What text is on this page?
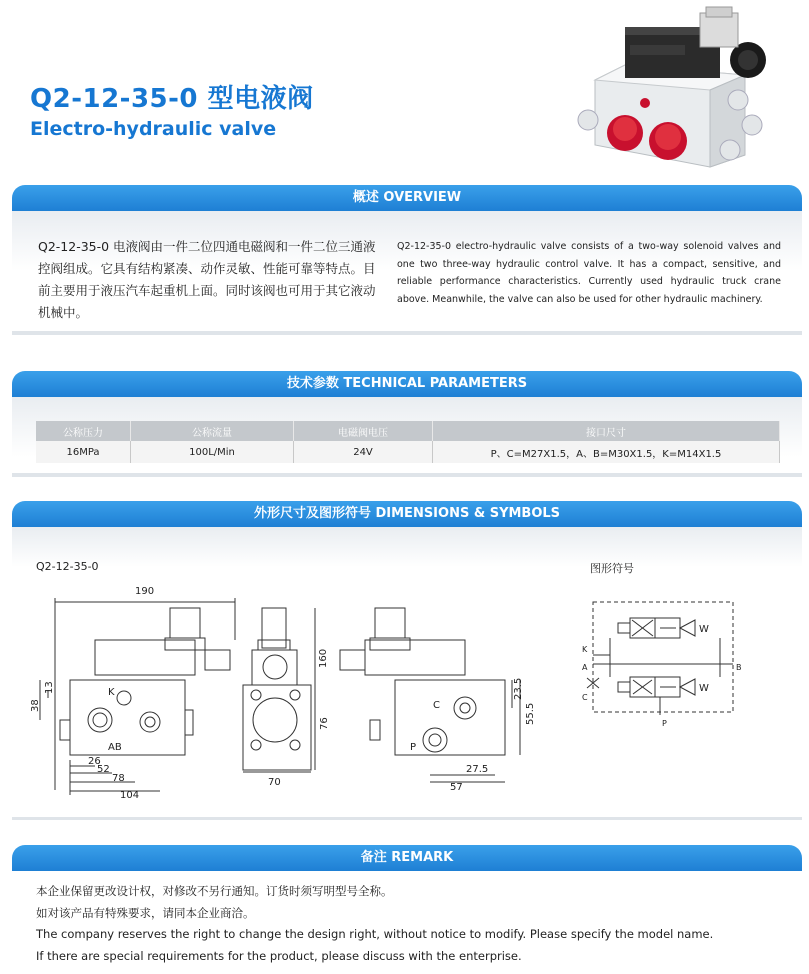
Q2-12-35-0 型电液阀
Electro-hydraulic valve
概述 OVERVIEW
Q2-12-35-0 电液阀由一件二位四通电磁阀和一件二位三通液控阀组成。它具有结构紧凑、动作灵敏、性能可靠等特点。目前主要用于液压汽车起重机上面。同时该阀也可用于其它液动机械中。
Q2-12-35-0 electro-hydraulic valve consists of a two-way solenoid valves and one two three-way hydraulic control valve. It has a compact, sensitive, and reliable performance characteristics. Currently used hydraulic truck crane above. Meanwhile, the valve can also be used for other hydraulic machinery.
技术参数 TECHNICAL PARAMETERS
公称压力	公称流量	电磁阀电压	接口尺寸
16MPa	100L/Min	24V	P、C=M27X1.5，A、B=M30X1.5，K=M14X1.5
外形尺寸及图形符号 DIMENSIONS & SYMBOLS
Q2-12-35-0	图形符号
190
38
13	K
AB
26
52
78
104
160
76
70
C
P
23.5
55.5
27.5
57
K
A
C
B
P
W
W
备注 REMARK
本企业保留更改设计权，对修改不另行通知。订货时须写明型号全称。
如对该产品有特殊要求，请同本企业商洽。
The company reserves the right to change the design right, without notice to modify. Please specify the model name.
If there are special requirements for the product, please discuss with the enterprise.
